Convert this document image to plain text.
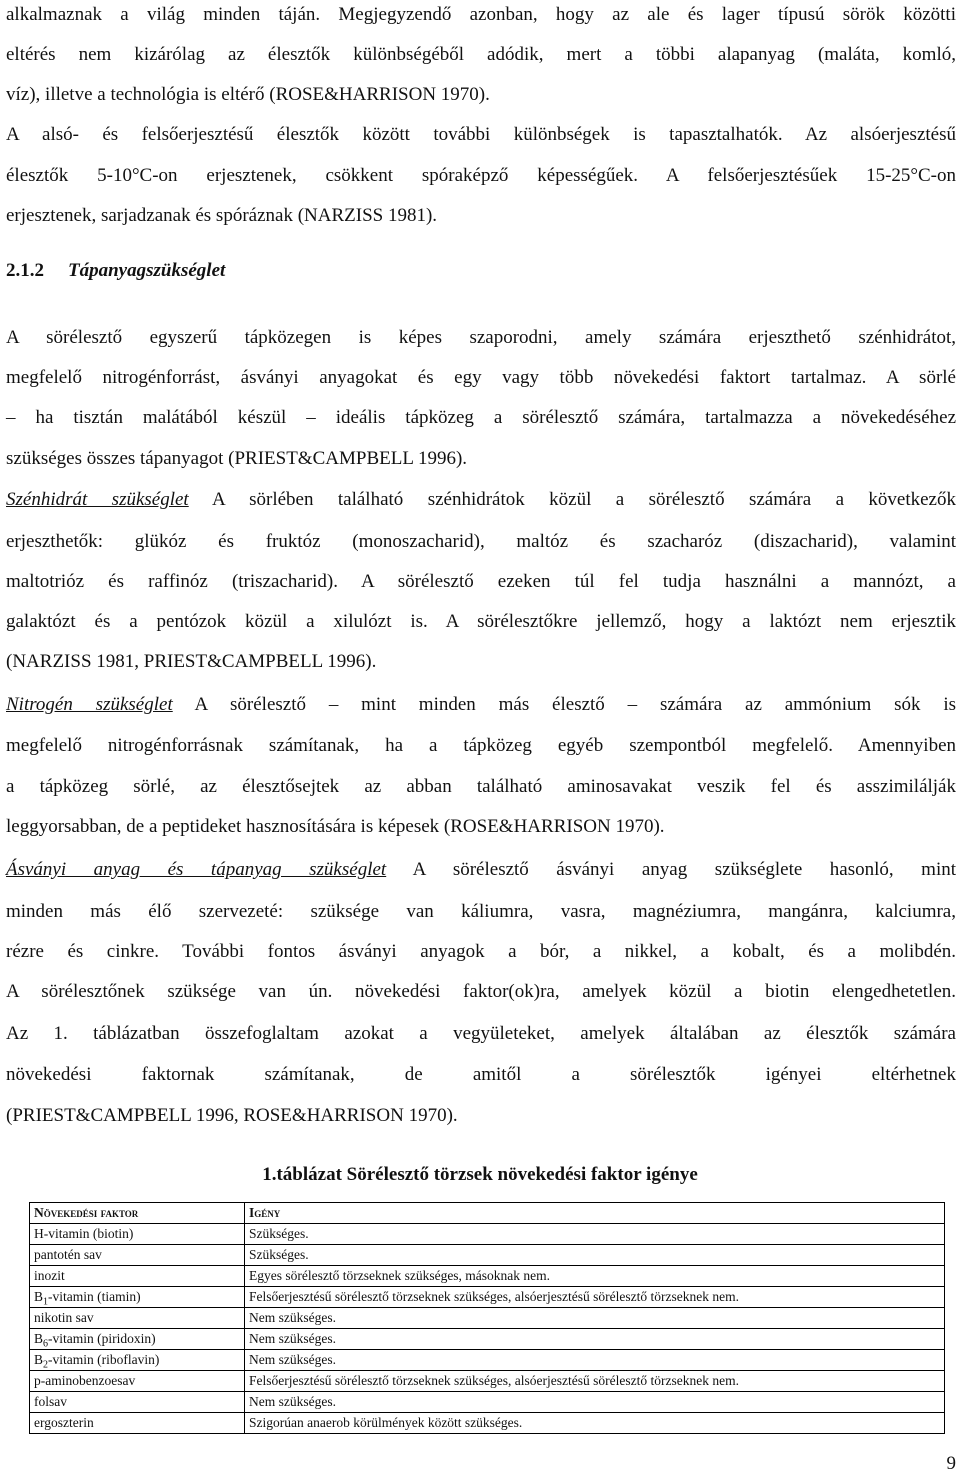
alkalmaznak a világ minden táján. Megjegyzendő azonban, hogy az ale és lager típusú sörök közötti
eltérés nem kizárólag az élesztők különbségéből adódik, mert a többi alapanyag (maláta, komló,
víz), illetve a technológia is eltérő (ROSE&HARRISON 1970).
A alsó- és felsőerjesztésű élesztők között további különbségek is tapasztalhatók. Az alsóerjesztésű
élesztők 5-10°C-on erjesztenek, csökkent spóraképző képességűek. A felsőerjesztésűek 15-25°C-on
erjesztenek, sarjadzanak és spóráznak (NARZISS 1981).
2.1.2 Tápanyagszükséglet
A sörélesztő egyszerű tápközegen is képes szaporodni, amely számára erjeszthető szénhidrátot,
megfelelő nitrogénforrást, ásványi anyagokat és egy vagy több növekedési faktort tartalmaz. A sörlé
– ha tisztán malátából készül – ideális tápközeg a sörélesztő számára, tartalmazza a növekedéséhez
szükséges összes tápanyagot (PRIEST&CAMPBELL 1996).
Szénhidrát szükséglet A sörlében található szénhidrátok közül a sörélesztő számára a következők
erjeszthetők: glükóz és fruktóz (monoszacharid), maltóz és szacharóz (diszacharid), valamint
maltotrióz és raffinóz (triszacharid). A sörélesztő ezeken túl fel tudja használni a mannózt, a
galaktózt és a pentózok közül a xilulózt is. A sörélesztőkre jellemző, hogy a laktózt nem erjesztik
(NARZISS 1981, PRIEST&CAMPBELL 1996).
Nitrogén szükséglet A sörélesztő – mint minden más élesztő – számára az ammónium sók is
megfelelő nitrogénforrásnak számítanak, ha a tápközeg egyéb szempontból megfelelő. Amennyiben
a tápközeg sörlé, az élesztősejtek az abban található aminosavakat veszik fel és asszimilálják
leggyorsabban, de a peptideket hasznosítására is képesek (ROSE&HARRISON 1970).
Ásványi anyag és tápanyag szükséglet A sörélesztő ásványi anyag szükséglete hasonló, mint
minden más élő szervezeté: szüksége van káliumra, vasra, magnéziumra, mangánra, kalciumra,
rézre és cinkre. További fontos ásványi anyagok a bór, a nikkel, a kobalt, és a molibdén.
A sörélesztőnek szüksége van ún. növekedési faktor(ok)ra, amelyek közül a biotin elengedhetetlen.
Az 1. táblázatban összefoglaltam azokat a vegyületeket, amelyek általában az élesztők számára
növekedési faktornak számítanak, de amitől a sörélesztők igényei eltérhetnek
(PRIEST&CAMPBELL 1996, ROSE&HARRISON 1970).
1.táblázat Sörélesztő törzsek növekedési faktor igénye
Növekedési faktor	Igény
H-vitamin (biotin)	Szükséges.
pantotén sav	Szükséges.
inozit	Egyes sörélesztő törzseknek szükséges, másoknak nem.
$B_1$-vitamin (tiamin)	Felsőerjesztésű sörélesztő törzseknek szükséges, alsóerjesztésű sörélesztő törzseknek nem.
nikotin sav	Nem szükséges.
$B_6$-vitamin (piridoxin)	Nem szükséges.
$B_2$-vitamin (riboflavin)	Nem szükséges.
p-aminobenzoesav	Felsőerjesztésű sörélesztő törzseknek szükséges, alsóerjesztésű sörélesztő törzseknek nem.
folsav	Nem szükséges.
ergoszterin	Szigorúan anaerob körülmények között szükséges.
9
